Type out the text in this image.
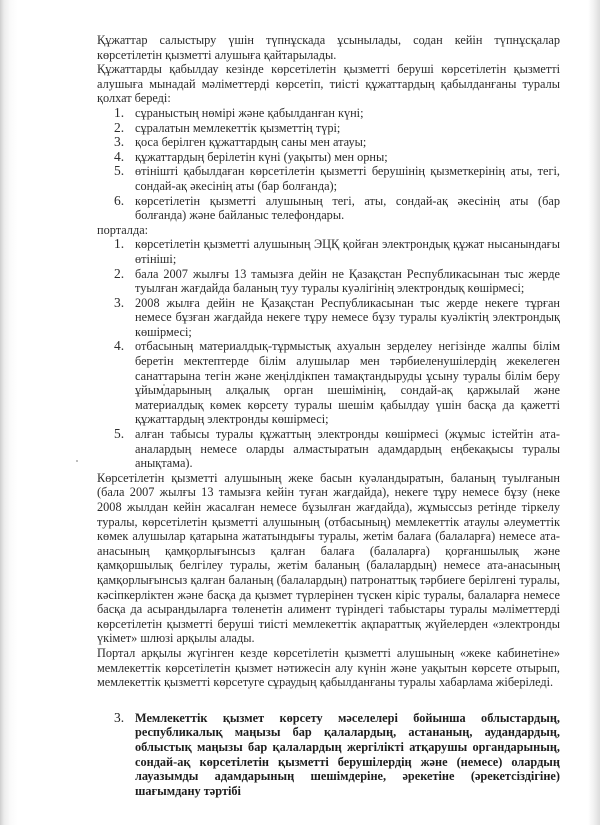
Құжаттар салыстыру үшін түпнұскада ұсынылады, содан кейін түпнұсқалар көрсетілетін қызметті алушыға қайтарылады.

Құжаттарды қабылдау кезінде көрсетілетін қызметті беруші көрсетілетін қызметті алушыға мынадай мәліметтерді көрсетіп, тиісті құжаттардың қабылданғаны туралы қолхат береді:

1. сұраныстың нөмірі және қабылданған күні;
2. сұралатын мемлекеттік қызметтің түрі;
3. қоса берілген құжаттардың саны мен атауы;
4. құжаттардың берілетін күні (уақыты) мен орны;
5. өтінішті қабылдаған көрсетілетін қызметті берушінің қызметкерінің аты, тегі, сондай-ақ әкесінің аты (бар болғанда);
6. көрсетілетін қызметті алушының тегі, аты, сондай-ақ әкесінің аты (бар болғанда) және байланыс телефондары.

порталда:

1. көрсетілетін қызметті алушының ЭЦҚ қойған электрондық құжат нысанындағы өтініші;
2. бала 2007 жылғы 13 тамызға дейін не Қазақстан Республикасынан тыс жерде туылған жағдайда баланың туу туралы куәлігінің электрондық көшірмесі;
3. 2008 жылға дейін не Қазақстан Республикасынан тыс жерде некеге тұрған немесе бұзған жағдайда некеге тұру немесе бұзу туралы куәліктің электрондық көшірмесі;
4. отбасының материалдық-тұрмыстық ахуалын зерделеу негізінде жалпы білім беретін мектептерде білім алушылар мен тәрбиеленушілердің жекелеген санаттарына тегін және жеңілдікпен тамақтандыруды ұсыну туралы білім беру ұйымдарының алқалық орган шешімінің, сондай-ақ қаржылай және материалдық көмек көрсету туралы шешім қабылдау үшін басқа да қажетті құжаттардың электронды көшірмесі;
5. алған табысы туралы құжаттың электронды көшірмесі (жұмыс істейтін ата-аналардың немесе оларды алмастыратын адамдардың еңбекақысы туралы анықтама).

Көрсетілетін қызметті алушының жеке басын куәландыратын, баланың туылғанын (бала 2007 жылғы 13 тамызға кейін туған жағдайда), некеге тұру немесе бұзу (неке 2008 жылдан кейін жасалған немесе бұзылған жағдайда), жұмыссыз ретінде тіркелу туралы, көрсетілетін қызметті алушының (отбасының) мемлекеттік атаулы әлеуметтік көмек алушылар қатарына жататындығы туралы, жетім балаға (балаларға) немесе ата-анасының қамқорлығынсыз қалған балаға (балаларға) қорғаншылық және қамқоршылық белгілеу туралы, жетім баланың (балалардың) немесе ата-анасының қамқорлығынсыз қалған баланың (балалардың) патронаттық тәрбиеге берілгені туралы, кәсіпкерліктен және басқа да қызмет түрлерінен түскен кіріс туралы, балаларға немесе басқа да асырандыларға төленетін алимент түріндегі табыстары туралы мәліметтерді көрсетілетін қызметті беруші тиісті мемлекеттік ақпараттық жүйелерден «электронды үкімет» шлюзі арқылы алады.

Портал арқылы жүгінген кезде көрсетілетін қызметті алушының «жеке кабинетіне» мемлекеттік көрсетілетін қызмет нәтижесін алу күнін және уақытын көрсете отырып, мемлекеттік қызметті көрсетуге сұраудың қабылданғаны туралы хабарлама жіберіледі.

3. Мемлекеттік қызмет көрсету мәселелері бойынша облыстардың, республикалық маңызы бар қалалардың, астананың, аудандардың, облыстық маңызы бар қалалардың жергілікті атқарушы органдарының, сондай-ақ көрсетілетін қызметті берушілердің және (немесе) олардың лауазымды адамдарының шешімдеріне, әрекетіне (әрекетсіздігіне) шағымдану тәртібі
